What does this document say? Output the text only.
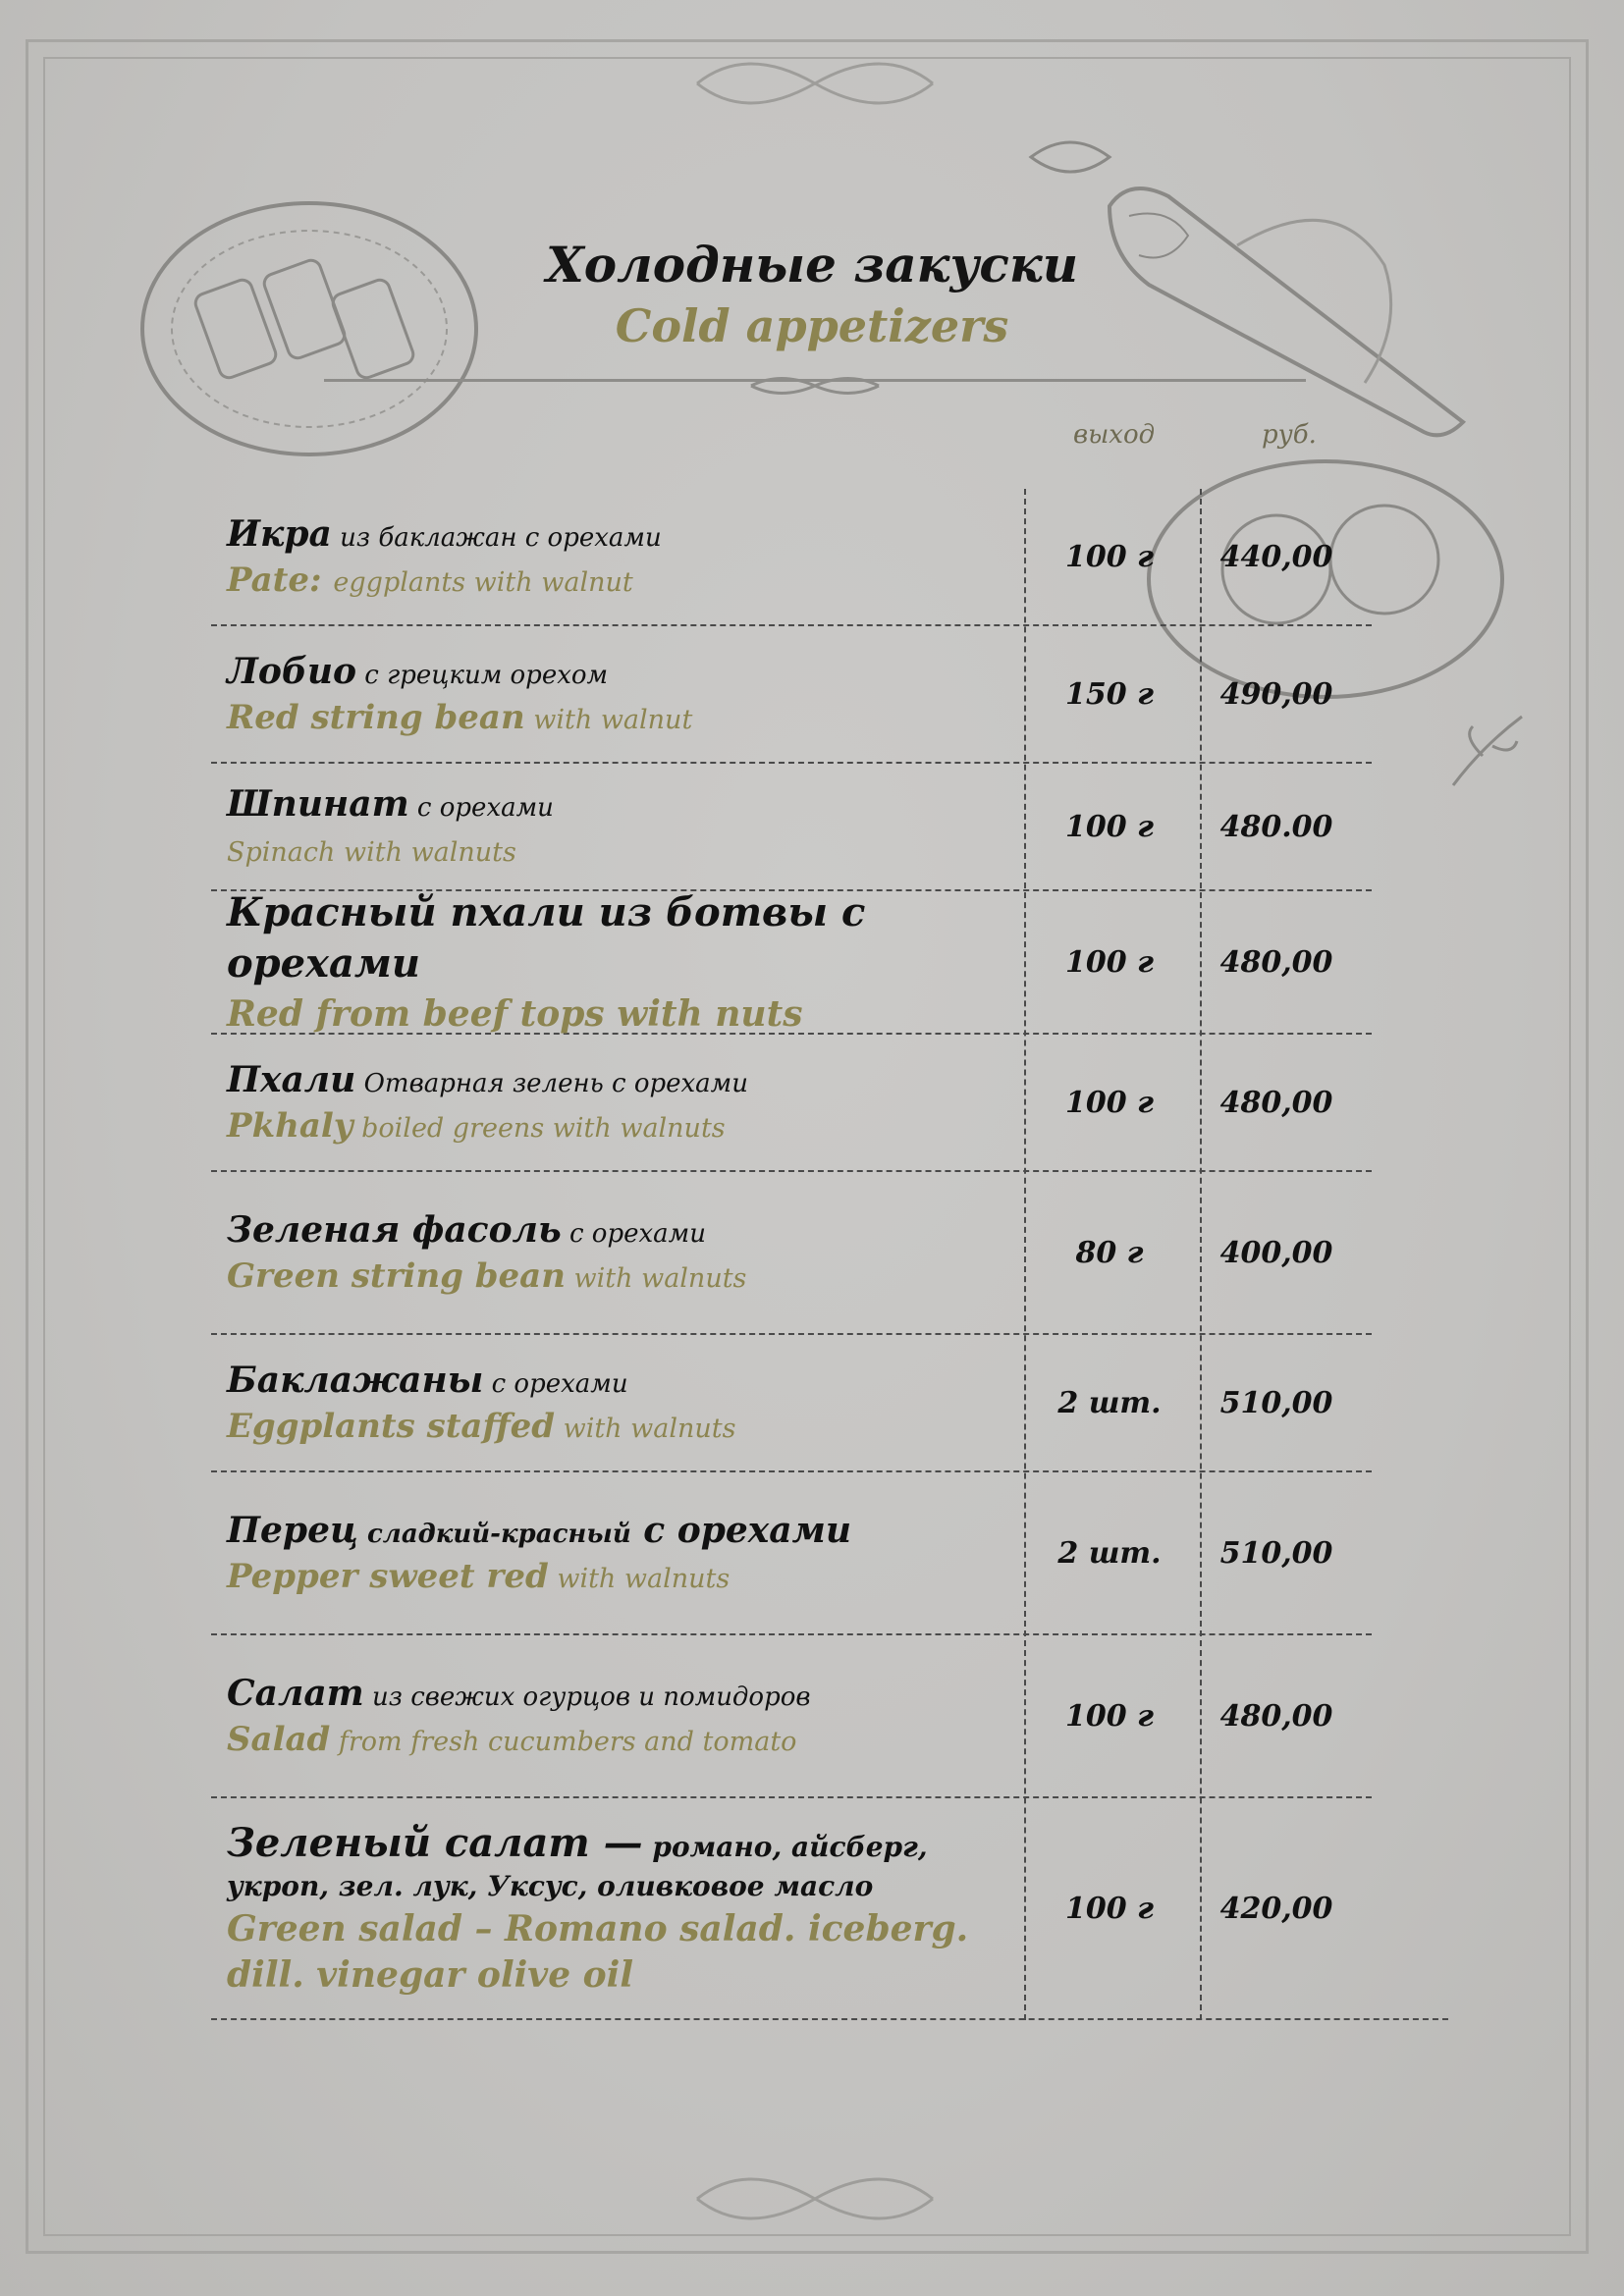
Холодные закуски
Cold appetizers
выход	руб.
Икра из баклажан с орехами
Pate: eggplants with walnut
100 г	440,00
Лобио с грецким орехом
Red string bean with walnut
150 г	490,00
Шпинат с орехами
Spinach with walnuts
100 г	480.00
Красный пхали из ботвы с орехами
Red from beef tops with nuts
100 г	480,00
Пхали Отварная зелень с орехами
Pkhaly boiled greens with walnuts
100 г	480,00
Зеленая фасоль с орехами
Green string bean with walnuts
80 г	400,00
Баклажаны с орехами
Eggplants staffed with walnuts
2 шт.	510,00
Перец сладкий-красный с орехами
Pepper sweet red with walnuts
2 шт.	510,00
Салат из свежих огурцов и помидоров
Salad from fresh cucumbers and tomato
100 г	480,00
Зеленый салат — романо, айсберг, укроп, зел. лук, Уксус, оливковое масло
Green salad – Romano salad. iceberg. dill. vinegar olive oil
100 г	420,00
